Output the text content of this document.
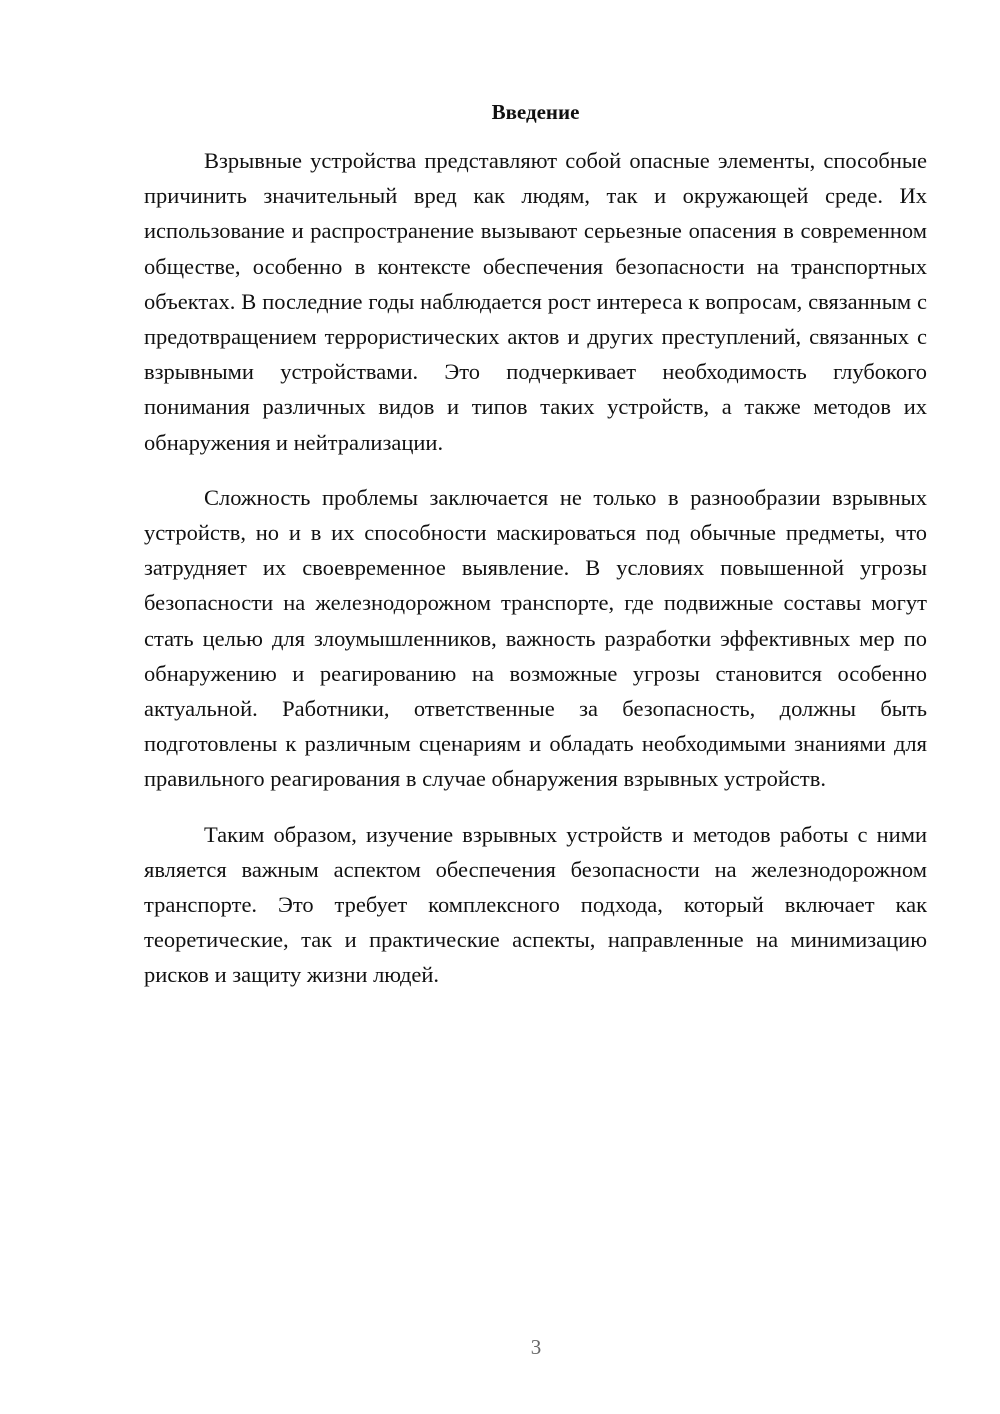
Введение

Взрывные устройства представляют собой опасные элементы, способные причинить значительный вред как людям, так и окружающей среде. Их использование и распространение вызывают серьезные опасения в современном обществе, особенно в контексте обеспечения безопасности на транспортных объектах. В последние годы наблюдается рост интереса к вопросам, связанным с предотвращением террористических актов и других преступлений, связанных с взрывными устройствами. Это подчеркивает необходимость глубокого понимания различных видов и типов таких устройств, а также методов их обнаружения и нейтрализации.

Сложность проблемы заключается не только в разнообразии взрывных устройств, но и в их способности маскироваться под обычные предметы, что затрудняет их своевременное выявление. В условиях повышенной угрозы безопасности на железнодорожном транспорте, где подвижные составы могут стать целью для злоумышленников, важность разработки эффективных мер по обнаружению и реагированию на возможные угрозы становится особенно актуальной. Работники, ответственные за безопасность, должны быть подготовлены к различным сценариям и обладать необходимыми знаниями для правильного реагирования в случае обнаружения взрывных устройств.

Таким образом, изучение взрывных устройств и методов работы с ними является важным аспектом обеспечения безопасности на железнодорожном транспорте. Это требует комплексного подхода, который включает как теоретические, так и практические аспекты, направленные на минимизацию рисков и защиту жизни людей.

3
